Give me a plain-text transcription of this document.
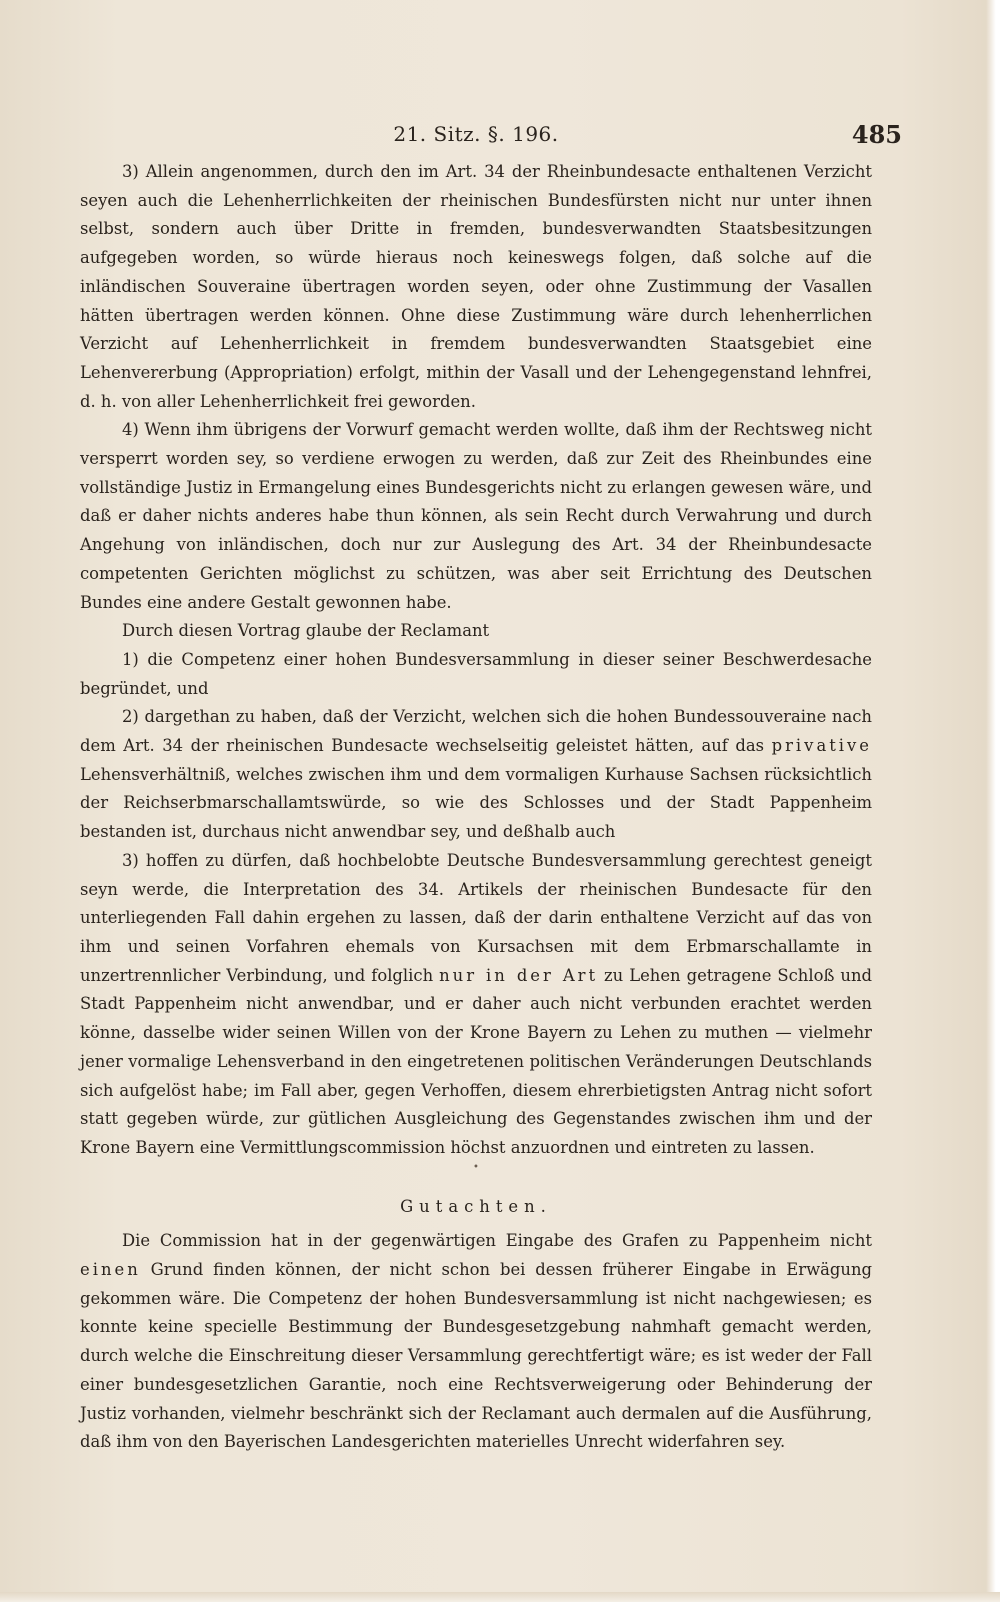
21. Sitz. §. 196.	485

3) Allein angenommen, durch den im Art. 34 der Rheinbundesacte enthaltenen Verzicht seyen auch die Lehenherrlichkeiten der rheinischen Bundesfürsten nicht nur unter ihnen selbst, sondern auch über Dritte in fremden, bundesverwandten Staatsbesitzungen aufgegeben worden, so würde hieraus noch keineswegs folgen, daß solche auf die inländischen Souveraine übertragen worden seyen, oder ohne Zustimmung der Vasallen hätten übertragen werden können. Ohne diese Zustimmung wäre durch lehenherrlichen Verzicht auf Lehenherrlichkeit in fremdem bundesverwandten Staatsgebiet eine Lehenvererbung (Appropriation) erfolgt, mithin der Vasall und der Lehengegenstand lehnfrei, d. h. von aller Lehenherrlichkeit frei geworden.

4) Wenn ihm übrigens der Vorwurf gemacht werden wollte, daß ihm der Rechtsweg nicht versperrt worden sey, so verdiene erwogen zu werden, daß zur Zeit des Rheinbundes eine vollständige Justiz in Ermangelung eines Bundesgerichts nicht zu erlangen gewesen wäre, und daß er daher nichts anderes habe thun können, als sein Recht durch Verwahrung und durch Angehung von inländischen, doch nur zur Auslegung des Art. 34 der Rheinbundesacte competenten Gerichten möglichst zu schützen, was aber seit Errichtung des Deutschen Bundes eine andere Gestalt gewonnen habe.

Durch diesen Vortrag glaube der Reclamant

1) die Competenz einer hohen Bundesversammlung in dieser seiner Beschwerdesache begründet, und

2) dargethan zu haben, daß der Verzicht, welchen sich die hohen Bundessouveraine nach dem Art. 34 der rheinischen Bundesacte wechselseitig geleistet hätten, auf das privative Lehensverhältniß, welches zwischen ihm und dem vormaligen Kurhause Sachsen rücksichtlich der Reichserbmarschallamtswürde, so wie des Schlosses und der Stadt Pappenheim bestanden ist, durchaus nicht anwendbar sey, und deßhalb auch

3) hoffen zu dürfen, daß hochbelobte Deutsche Bundesversammlung gerechtest geneigt seyn werde, die Interpretation des 34. Artikels der rheinischen Bundesacte für den unterliegenden Fall dahin ergehen zu lassen, daß der darin enthaltene Verzicht auf das von ihm und seinen Vorfahren ehemals von Kursachsen mit dem Erbmarschallamte in unzertrennlicher Verbindung, und folglich nur in der Art zu Lehen getragene Schloß und Stadt Pappenheim nicht anwendbar, und er daher auch nicht verbunden erachtet werden könne, dasselbe wider seinen Willen von der Krone Bayern zu Lehen zu muthen — vielmehr jener vormalige Lehensverband in den eingetretenen politischen Veränderungen Deutschlands sich aufgelöst habe; im Fall aber, gegen Verhoffen, diesem ehrerbietigsten Antrag nicht sofort statt gegeben würde, zur gütlichen Ausgleichung des Gegenstandes zwischen ihm und der Krone Bayern eine Vermittlungscommission höchst anzuordnen und eintreten zu lassen.

•

Gutachten.

Die Commission hat in der gegenwärtigen Eingabe des Grafen zu Pappenheim nicht einen Grund finden können, der nicht schon bei dessen früherer Eingabe in Erwägung gekommen wäre. Die Competenz der hohen Bundesversammlung ist nicht nachgewiesen; es konnte keine specielle Bestimmung der Bundesgesetzgebung nahmhaft gemacht werden, durch welche die Einschreitung dieser Versammlung gerechtfertigt wäre; es ist weder der Fall einer bundesgesetzlichen Garantie, noch eine Rechtsverweigerung oder Behinderung der Justiz vorhanden, vielmehr beschränkt sich der Reclamant auch dermalen auf die Ausführung, daß ihm von den Bayerischen Landesgerichten materielles Unrecht widerfahren sey.
